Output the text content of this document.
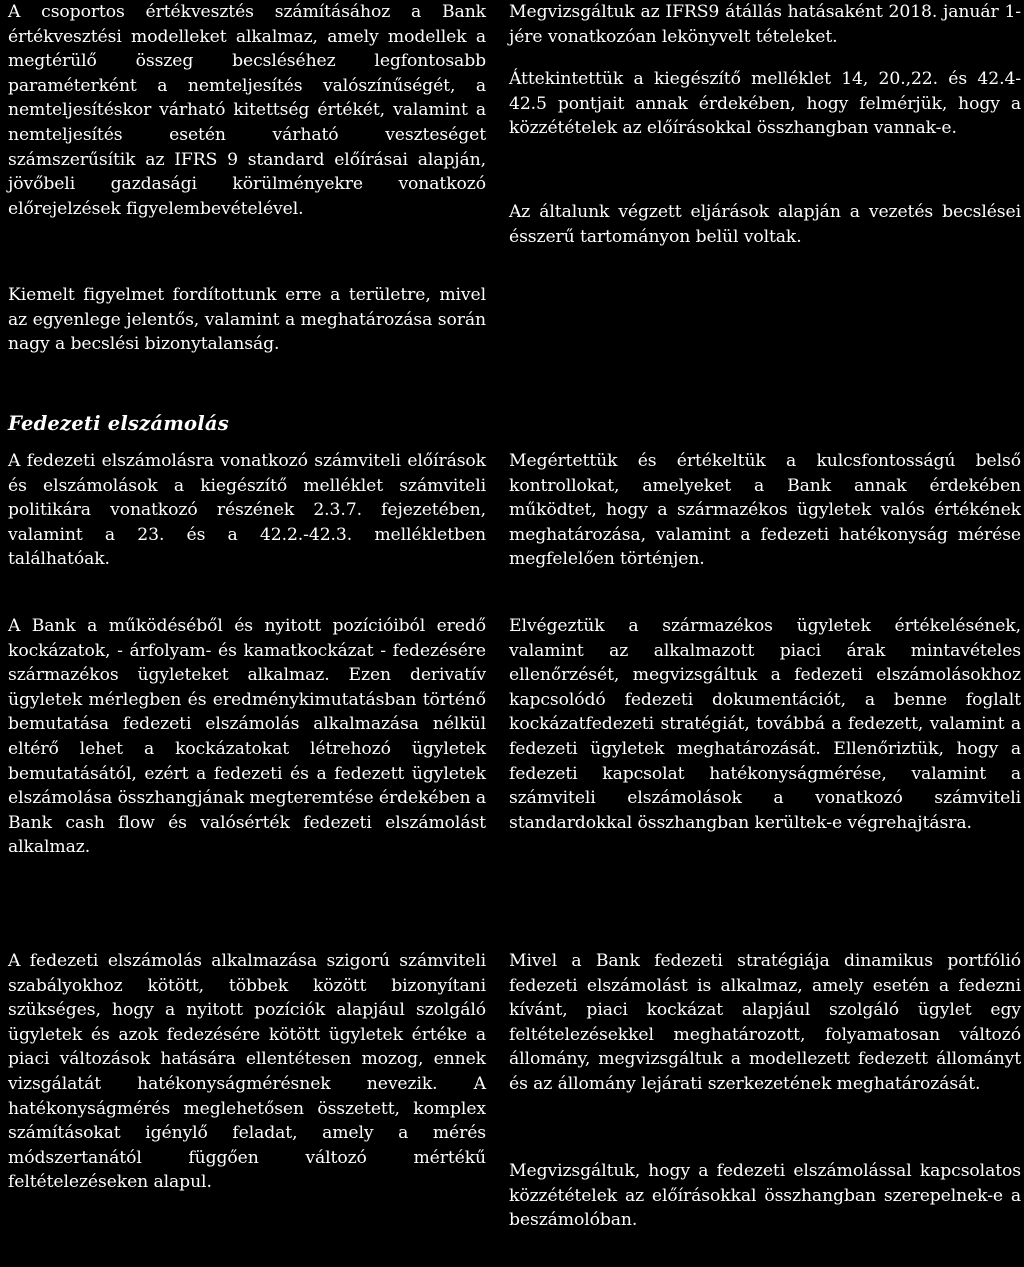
A csoportos értékvesztés számításához a Bank értékvesztési modelleket alkalmaz, amely modellek a megtérülő összeg becsléséhez legfontosabb paraméterként a nemteljesítés valószínűségét, a nemteljesítéskor várható kitettség értékét, valamint a nemteljesítés esetén várható veszteséget számszerűsítik az IFRS 9 standard előírásai alapján, jövőbeli gazdasági körülményekre vonatkozó előrejelzések figyelembevételével.

Kiemelt figyelmet fordítottunk erre a területre, mivel az egyenlege jelentős, valamint a meghatározása során nagy a becslési bizonytalanság.

A fedezeti elszámolásra vonatkozó számviteli előírások és elszámolások a kiegészítő melléklet számviteli politikára vonatkozó részének 2.3.7. fejezetében, valamint a 23. és a 42.2.-42.3. mellékletben találhatóak.

A Bank a működéséből és nyitott pozícióiból eredő kockázatok, - árfolyam- és kamatkockázat - fedezésére származékos ügyleteket alkalmaz. Ezen derivatív ügyletek mérlegben és eredménykimutatásban történő bemutatása fedezeti elszámolás alkalmazása nélkül eltérő lehet a kockázatokat létrehozó ügyletek bemutatásától, ezért a fedezeti és a fedezett ügyletek elszámolása összhangjának megteremtése érdekében a Bank cash flow és valósérték fedezeti elszámolást alkalmaz.

A fedezeti elszámolás alkalmazása szigorú számviteli szabályokhoz kötött, többek között bizonyítani szükséges, hogy a nyitott pozíciók alapjául szolgáló ügyletek és azok fedezésére kötött ügyletek értéke a piaci változások hatására ellentétesen mozog, ennek vizsgálatát hatékonyságmérésnek nevezik. A hatékonyságmérés meglehetősen összetett, komplex számításokat igénylő feladat, amely a mérés módszertanától függően változó mértékű feltételezéseken alapul.

Fedezeti elszámolás

Megvizsgáltuk az IFRS9 átállás hatásaként 2018. január 1-jére vonatkozóan lekönyvelt tételeket.

Áttekintettük a kiegészítő melléklet 14, 20.,22. és 42.4-42.5 pontjait annak érdekében, hogy felmérjük, hogy a közzétételek az előírásokkal összhangban vannak-e.

Az általunk végzett eljárások alapján a vezetés becslései ésszerű tartományon belül voltak.

Megértettük és értékeltük a kulcsfontosságú belső kontrollokat, amelyeket a Bank annak érdekében működtet, hogy a származékos ügyletek valós értékének meghatározása, valamint a fedezeti hatékonyság mérése megfelelően történjen.

Elvégeztük a származékos ügyletek értékelésének, valamint az alkalmazott piaci árak mintavételes ellenőrzését, megvizsgáltuk a fedezeti elszámolásokhoz kapcsolódó fedezeti dokumentációt, a benne foglalt kockázatfedezeti stratégiát, továbbá a fedezett, valamint a fedezeti ügyletek meghatározását. Ellenőriztük, hogy a fedezeti kapcsolat hatékonyságmérése, valamint a számviteli elszámolások a vonatkozó számviteli standardokkal összhangban kerültek-e végrehajtásra.

Mivel a Bank fedezeti stratégiája dinamikus portfólió fedezeti elszámolást is alkalmaz, amely esetén a fedezni kívánt, piaci kockázat alapjául szolgáló ügylet egy feltételezésekkel meghatározott, folyamatosan változó állomány, megvizsgáltuk a modellezett fedezett állományt és az állomány lejárati szerkezetének meghatározását.

Megvizsgáltuk, hogy a fedezeti elszámolással kapcsolatos közzétételek az előírásokkal összhangban szerepelnek-e a beszámolóban.
